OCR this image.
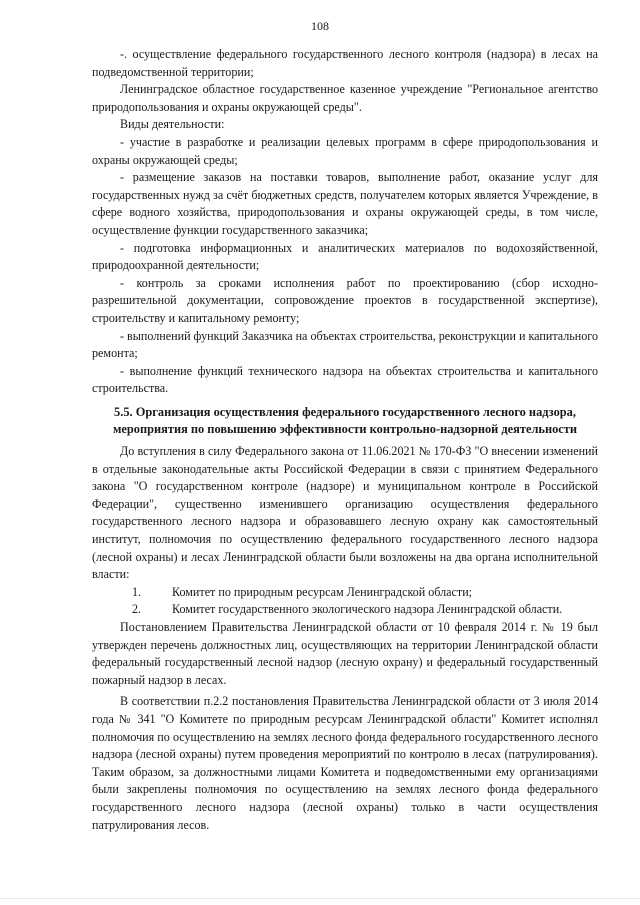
108

-. осуществление федерального государственного лесного контроля (надзора) в лесах на подведомственной территории;

Ленинградское областное государственное казенное учреждение "Региональное агентство природопользования и охраны окружающей среды".

Виды деятельности:

- участие в разработке и реализации целевых программ в сфере природопользования и охраны окружающей среды;

- размещение заказов на поставки товаров, выполнение работ, оказание услуг для государственных нужд за счёт бюджетных средств, получателем которых является Учреждение, в сфере водного хозяйства, природопользования и охраны окружающей среды, в том числе, осуществление функции государственного заказчика;

- подготовка информационных и аналитических материалов по водохозяйственной, природоохранной деятельности;

- контроль за сроками исполнения работ по проектированию (сбор исходно- разрешительной документации, сопровождение проектов в государственной экспертизе), строительству и капитальному ремонту;

- выполнений функций Заказчика на объектах строительства, реконструкции и капитального ремонта;

- выполнение функций технического надзора на объектах строительства и капитального строительства.

5.5. Организация осуществления федерального государственного лесного надзора, мероприятия по повышению эффективности контрольно-надзорной деятельности

До вступления в силу Федерального закона от 11.06.2021 № 170-ФЗ "О внесении изменений в отдельные законодательные акты Российской Федерации в связи с принятием Федерального закона "О государственном контроле (надзоре) и муниципальном контроле в Российской Федерации", существенно изменившего организацию осуществления федерального государственного лесного надзора и образовавшего лесную охрану как самостоятельный институт, полномочия по осуществлению федерального государственного лесного надзора (лесной охраны) и лесах Ленинградской области были возложены на два органа исполнительной власти:

1.	Комитет по природным ресурсам Ленинградской области;
2.	Комитет государственного экологического надзора Ленинградской области.

Постановлением Правительства Ленинградской области от 10 февраля 2014 г. № 19 был утвержден перечень должностных лиц, осуществляющих на территории Ленинградской области федеральный государственный лесной надзор (лесную охрану) и федеральный государственный пожарный надзор в лесах.

В соответствии п.2.2 постановления Правительства Ленинградской области от 3 июля 2014 года № 341 "О Комитете по природным ресурсам Ленинградской области" Комитет исполнял полномочия по осуществлению на землях лесного фонда федерального государственного лесного надзора (лесной охраны) путем проведения мероприятий по контролю в лесах (патрулирования). Таким образом, за должностными лицами Комитета и подведомственными ему организациями были закреплены полномочия по осуществлению на землях лесного фонда федерального государственного лесного надзора (лесной охраны) только в части осуществления патрулирования лесов.
